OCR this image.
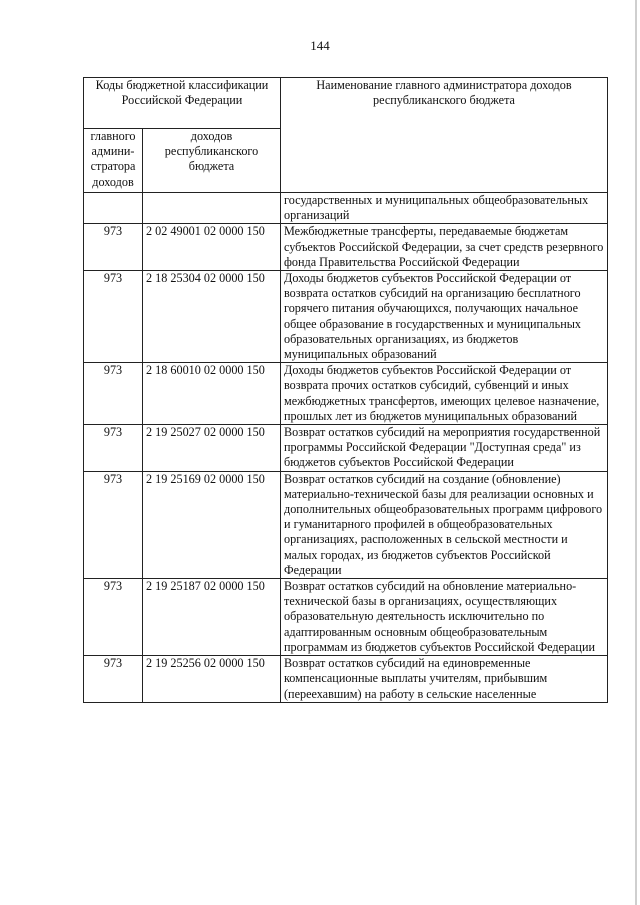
144
Коды бюджетной классификации Российской Федерации		Наименование главного администратора доходов республиканского бюджета
главного админи-стратора доходов	доходов республиканского бюджета	
		государственных и муниципальных общеобразовательных организаций
973	2 02 49001 02 0000 150	Межбюджетные трансферты, передаваемые бюджетам субъектов Российской Федерации, за счет средств резервного фонда Правительства Российской Федерации
973	2 18 25304 02 0000 150	Доходы бюджетов субъектов Российской Федерации от возврата остатков субсидий на организацию бесплатного горячего питания обучающихся, получающих начальное общее образование в государственных и муниципальных образовательных организациях, из бюджетов муниципальных образований
973	2 18 60010 02 0000 150	Доходы бюджетов субъектов Российской Федерации от возврата прочих остатков субсидий, субвенций и иных межбюджетных трансфертов, имеющих целевое назначение, прошлых лет из бюджетов муниципальных образований
973	2 19 25027 02 0000 150	Возврат остатков субсидий на мероприятия государственной программы Российской Федерации "Доступная среда" из бюджетов субъектов Российской Федерации
973	2 19 25169 02 0000 150	Возврат остатков субсидий на создание (обновление) материально-технической базы для реализации основных и дополнительных общеобразовательных программ цифрового и гуманитарного профилей в общеобразовательных организациях, расположенных в сельской местности и малых городах, из бюджетов субъектов Российской Федерации
973	2 19 25187 02 0000 150	Возврат остатков субсидий на обновление материально-технической базы в организациях, осуществляющих образовательную деятельность исключительно по адаптированным основным общеобразовательным программам из бюджетов субъектов Российской Федерации
973	2 19 25256 02 0000 150	Возврат остатков субсидий на единовременные компенсационные выплаты учителям, прибывшим (переехавшим) на работу в сельские населенные
